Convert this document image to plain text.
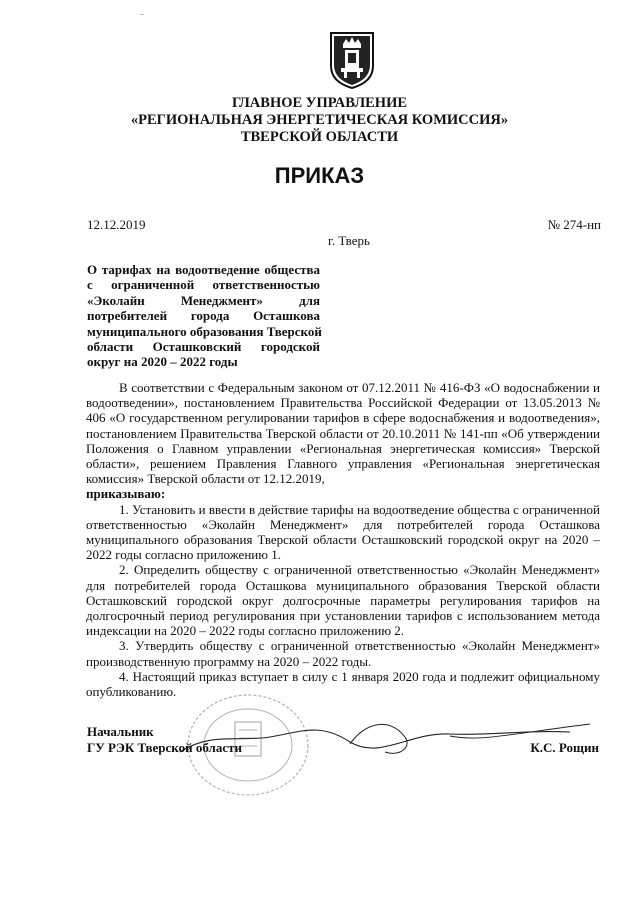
..
ГЛАВНОЕ УПРАВЛЕНИЕ
«РЕГИОНАЛЬНАЯ ЭНЕРГЕТИЧЕСКАЯ КОМИССИЯ»
ТВЕРСКОЙ ОБЛАСТИ
ПРИКАЗ
12.12.2019	№ 274-нп
г. Тверь
О тарифах на водоотведение общества
с ограниченной ответственностью
«Эколайн Менеджмент» для
потребителей города Осташкова
муниципального образования Тверской
области Осташковский городской
округ на 2020 – 2022 годы

В соответствии с Федеральным законом от 07.12.2011 № 416-ФЗ «О водоснабжении и водоотведении», постановлением Правительства Российской Федерации от 13.05.2013 № 406 «О государственном регулировании тарифов в сфере водоснабжения и водоотведения», постановлением Правительства Тверской области от 20.10.2011 № 141-пп «Об утверждении Положения о Главном управлении «Региональная энергетическая комиссия» Тверской области», решением Правления Главного управления «Региональная энергетическая комиссия» Тверской области от 12.12.2019,

приказываю:

1. Установить и ввести в действие тарифы на водоотведение общества с ограниченной ответственностью «Эколайн Менеджмент» для потребителей города Осташкова муниципального образования Тверской области Осташковский городской округ на 2020 – 2022 годы согласно приложению 1.

2. Определить обществу с ограниченной ответственностью «Эколайн Менеджмент» для потребителей города Осташкова муниципального образования Тверской области Осташковский городской округ долгосрочные параметры регулирования тарифов на долгосрочный период регулирования при установлении тарифов с использованием метода индексации на 2020 – 2022 годы согласно приложению 2.

3. Утвердить обществу с ограниченной ответственностью «Эколайн Менеджмент» производственную программу на 2020 – 2022 годы.

4. Настоящий приказ вступает в силу с 1 января 2020 года и подлежит официальному опубликованию.

Начальник
ГУ РЭК Тверской области	К.С. Рощин
